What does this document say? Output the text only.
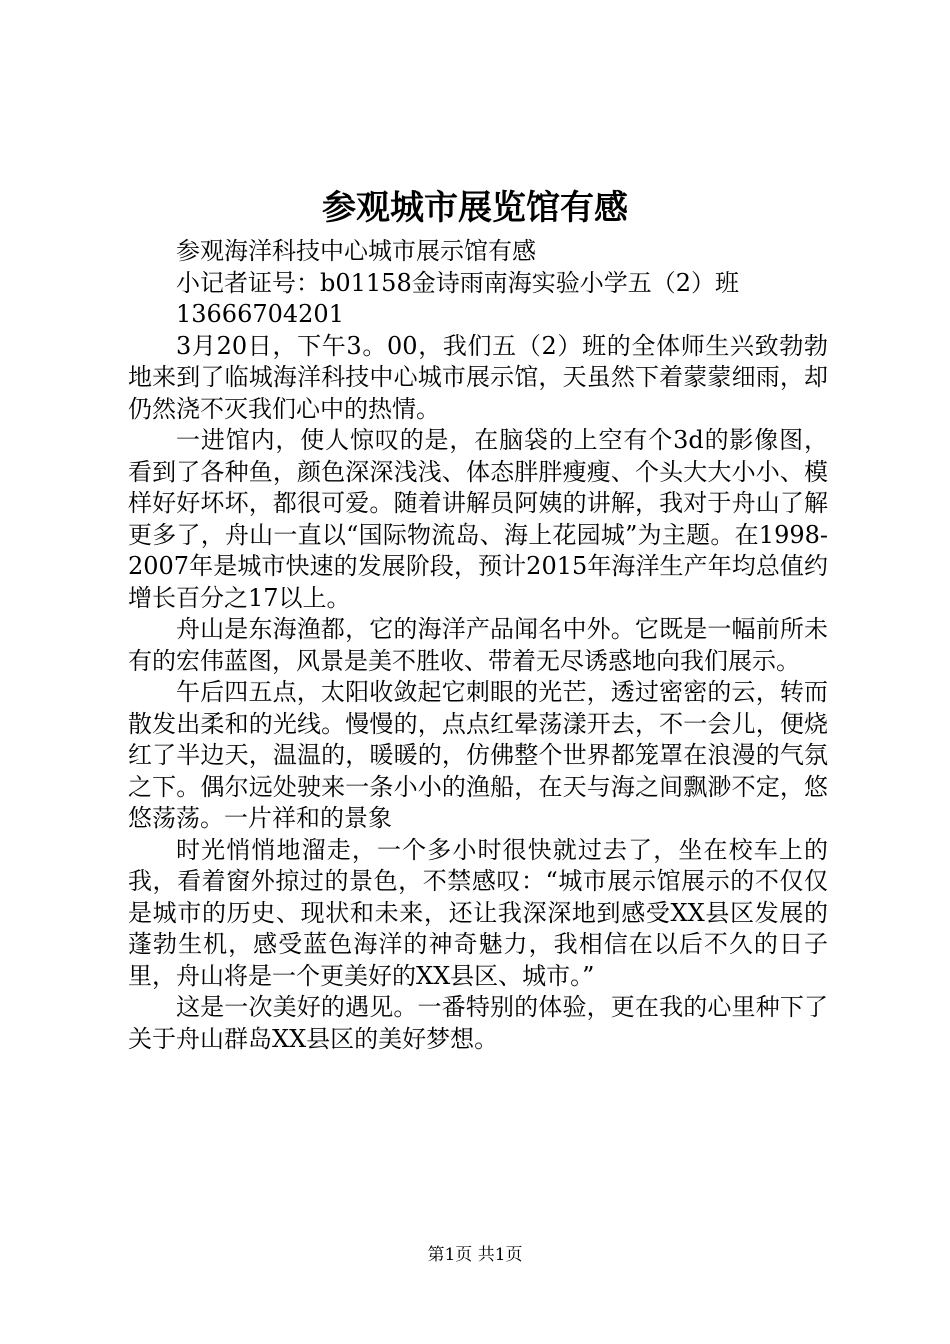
参观城市展览馆有感

参观海洋科技中心城市展示馆有感

小记者证号：b01158金诗雨南海实验小学五（2）班

13666704201

3月20日，下午3。00，我们五（2）班的全体师生兴致勃勃地来到了临城海洋科技中心城市展示馆，天虽然下着蒙蒙细雨，却仍然浇不灭我们心中的热情。

一进馆内，使人惊叹的是，在脑袋的上空有个3d的影像图，看到了各种鱼，颜色深深浅浅、体态胖胖瘦瘦、个头大大小小、模样好好坏坏，都很可爱。随着讲解员阿姨的讲解，我对于舟山了解更多了，舟山一直以“国际物流岛、海上花园城”为主题。在1998-2007年是城市快速的发展阶段，预计2015年海洋生产年均总值约增长百分之17以上。

舟山是东海渔都，它的海洋产品闻名中外。它既是一幅前所未有的宏伟蓝图，风景是美不胜收、带着无尽诱惑地向我们展示。

午后四五点，太阳收敛起它刺眼的光芒，透过密密的云，转而散发出柔和的光线。慢慢的，点点红晕荡漾开去，不一会儿，便烧红了半边天，温温的，暖暖的，仿佛整个世界都笼罩在浪漫的气氛之下。偶尔远处驶来一条小小的渔船，在天与海之间飘渺不定，悠悠荡荡。一片祥和的景象

时光悄悄地溜走，一个多小时很快就过去了，坐在校车上的我，看着窗外掠过的景色，不禁感叹：“城市展示馆展示的不仅仅是城市的历史、现状和未来，还让我深深地到感受XX县区发展的蓬勃生机，感受蓝色海洋的神奇魅力，我相信在以后不久的日子里，舟山将是一个更美好的XX县区、城市。”

这是一次美好的遇见。一番特别的体验，更在我的心里种下了关于舟山群岛XX县区的美好梦想。

第1页 共1页
